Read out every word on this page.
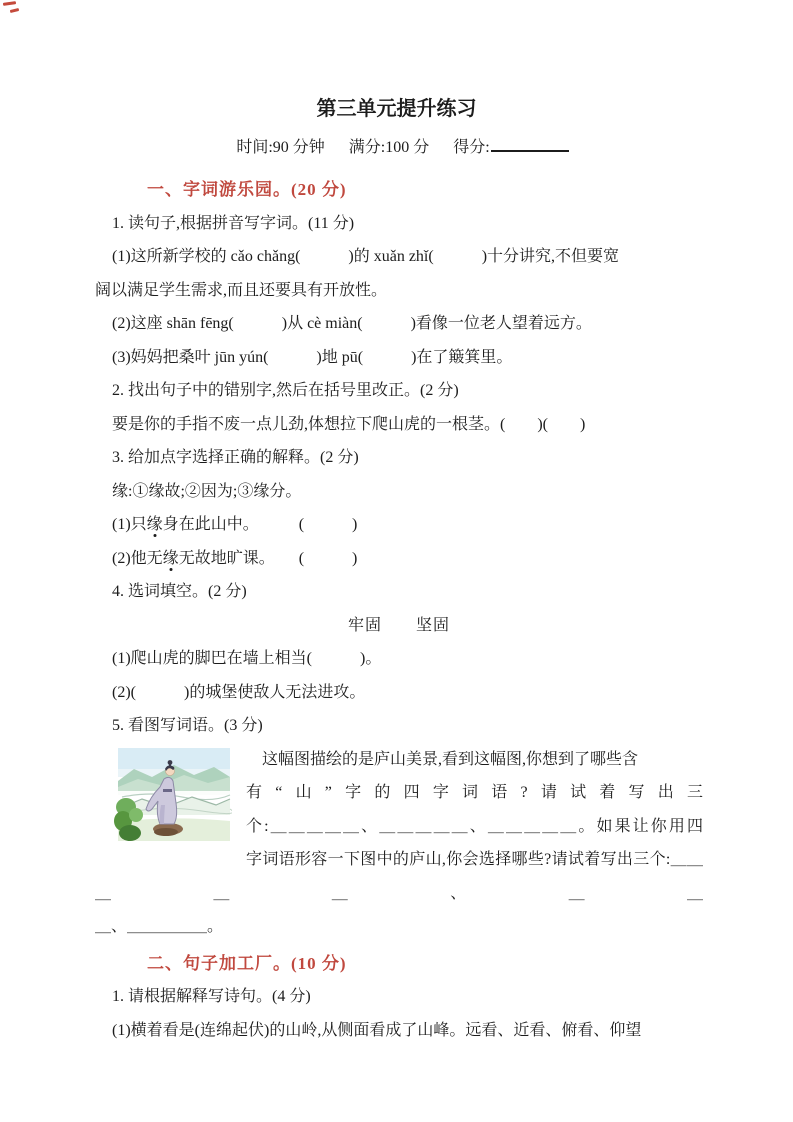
第三单元提升练习
时间:90 分钟 满分:100 分 得分:
一、字词游乐园。(20 分)

1. 读句子,根据拼音写字词。(11 分)

(1)这所新学校的 cǎo chǎng(　　　)的 xuǎn zhǐ(　　　)十分讲究,不但要宽

阔以满足学生需求,而且还要具有开放性。

(2)这座 shān fēng(　　　)从 cè miàn(　　　)看像一位老人望着远方。

(3)妈妈把桑叶 jūn yún(　　　)地 pū(　　　)在了簸箕里。

2. 找出句子中的错别字,然后在括号里改正。(2 分)

要是你的手指不废一点儿劲,体想拉下爬山虎的一根茎。(　　)(　　)

3. 给加点字选择正确的解释。(2 分)

缘:①缘故;②因为;③缘分。

(1)只缘身在此山中。　　　(　　　)

(2)他无缘无故地旷课。　　(　　　)

4. 选词填空。(2 分)

牢固　　坚固

(1)爬山虎的脚巴在墙上相当(　　　)。

(2)(　　　)的城堡使敌人无法进攻。

5. 看图写词语。(3 分)

这幅图描绘的是庐山美景,看到这幅图,你想到了哪些含
有“山”字的四字词语?请试着写出三
个:＿＿＿＿＿、＿＿＿＿＿、＿＿＿＿＿。如果让你用四
字词语形容一下图中的庐山,你会选择哪些?请试着写出三个:＿＿＿＿＿、＿＿
＿、＿＿＿＿＿。
二、句子加工厂。(10 分)

1. 请根据解释写诗句。(4 分)

(1)横着看是(连绵起伏)的山岭,从侧面看成了山峰。远看、近看、俯看、仰望
